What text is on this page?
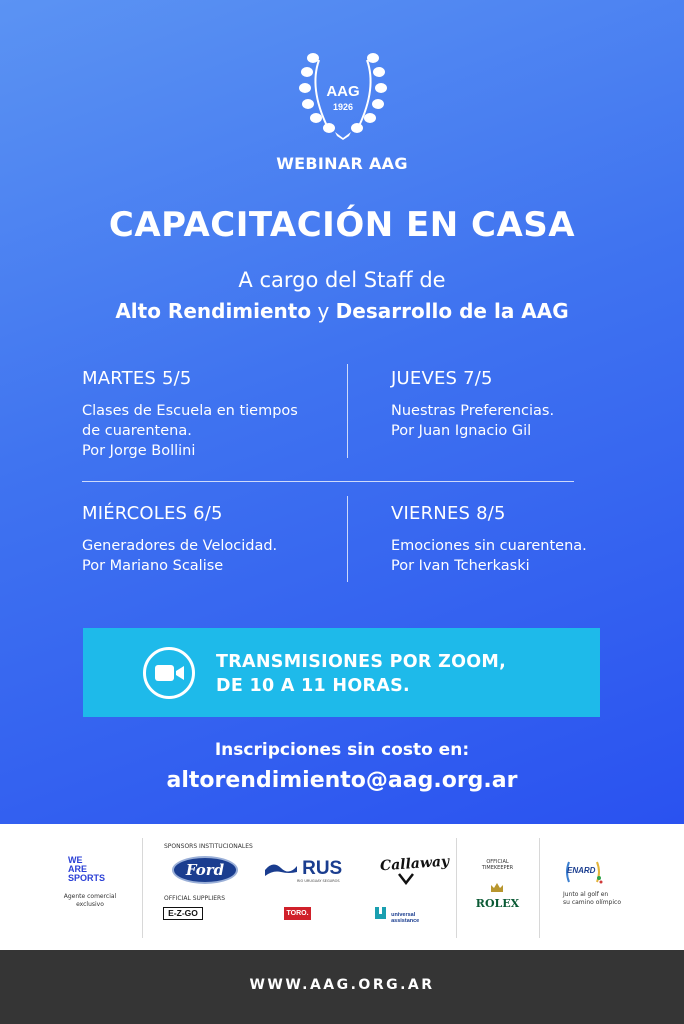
AAG
1926
WEBINAR AAG
CAPACITACIÓN EN CASA
A cargo del Staff de
Alto Rendimiento y Desarrollo de la AAG
MARTES 5/5
Clases de Escuela en tiempos
de cuarentena.
Por Jorge Bollini
JUEVES 7/5
Nuestras Preferencias.
Por Juan Ignacio Gil
MIÉRCOLES 6/5
Generadores de Velocidad.
Por Mariano Scalise
VIERNES 8/5
Emociones sin cuarentena.
Por Ivan Tcherkaski
TRANSMISIONES POR ZOOM,
DE 10 A 11 HORAS.
Inscripciones sin costo en:
altorendimiento@aag.org.ar
WE
ARE
SPORTS
Agente comercial
exclusivo
SPONSORS INSTITUCIONALES
Ford	RUS
RIO URUGUAY SEGUROS
Callaway
OFFICIAL SUPPLIERS
E-Z-GO	TORO.
	universal
assistance
OFFICIAL
TIMEKEEPER
ROLEX
ENARD
Junto al golf en
su camino olímpico
WWW.AAG.ORG.AR
